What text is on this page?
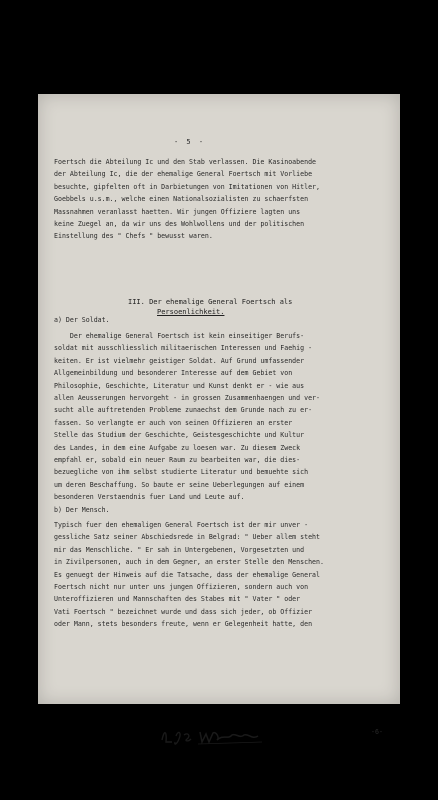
- 5 -
Foertsch die Abteilung Ic und den Stab verlassen. Die Kasinoabende
der Abteilung Ic, die der ehemalige General Foertsch mit Vorliebe
besuchte, gipfelten oft in Darbietungen von Imitationen von Hitler,
Goebbels u.s.m., welche einen Nationalsozialisten zu schaerfsten
Massnahmen veranlasst haetten. Wir jungen Offiziere lagten uns
keine Zuegel an, da wir uns des Wohlwollens und der politischen
Einstellung des " Chefs " bewusst waren.
III. Der ehemalige General Foertsch als
Persoenlichkeit.
a) Der Soldat.
Der ehemalige General Foertsch ist kein einseitiger Berufs-
soldat mit ausschliesslich militaerischen Interessen und Faehig -
keiten. Er ist vielmehr geistiger Soldat. Auf Grund umfassender
Allgemeinbildung und besonderer Interesse auf dem Gebiet von
Philosophie, Geschichte, Literatur und Kunst denkt er - wie aus
allen Aeusserungen hervorgeht - in grossen Zusammenhaengen und ver-
sucht alle auftretenden Probleme zunaechst dem Grunde nach zu er-
fassen. So verlangte er auch von seinen Offizieren an erster
Stelle das Studium der Geschichte, Geistesgeschichte und Kultur
des Landes, in dem eine Aufgabe zu loesen war. Zu diesem Zweck
empfahl er, sobald ein neuer Raum zu bearbeiten war, die dies-
bezuegliche von ihm selbst studierte Literatur und bemuehte sich
um deren Beschaffung. So baute er seine Ueberlegungen auf einem
besonderen Verstaendnis fuer Land und Leute auf.
b) Der Mensch.
Typisch fuer den ehemaligen General Foertsch ist der mir unver -
gessliche Satz seiner Abschiedsrede in Belgrad: " Ueber allem steht
mir das Menschliche. " Er sah in Untergebenen, Vorgesetzten und
in Zivilpersonen, auch in dem Gegner, an erster Stelle den Menschen.
Es genuegt der Hinweis auf die Tatsache, dass der ehemalige General
Foertsch nicht nur unter uns jungen Offizieren, sondern auch von
Unteroffizieren und Mannschaften des Stabes mit " Vater " oder
Vati Foertsch " bezeichnet wurde und dass sich jeder, ob Offizier
oder Mann, stets besonders freute, wenn er Gelegenheit hatte, den
-6-
